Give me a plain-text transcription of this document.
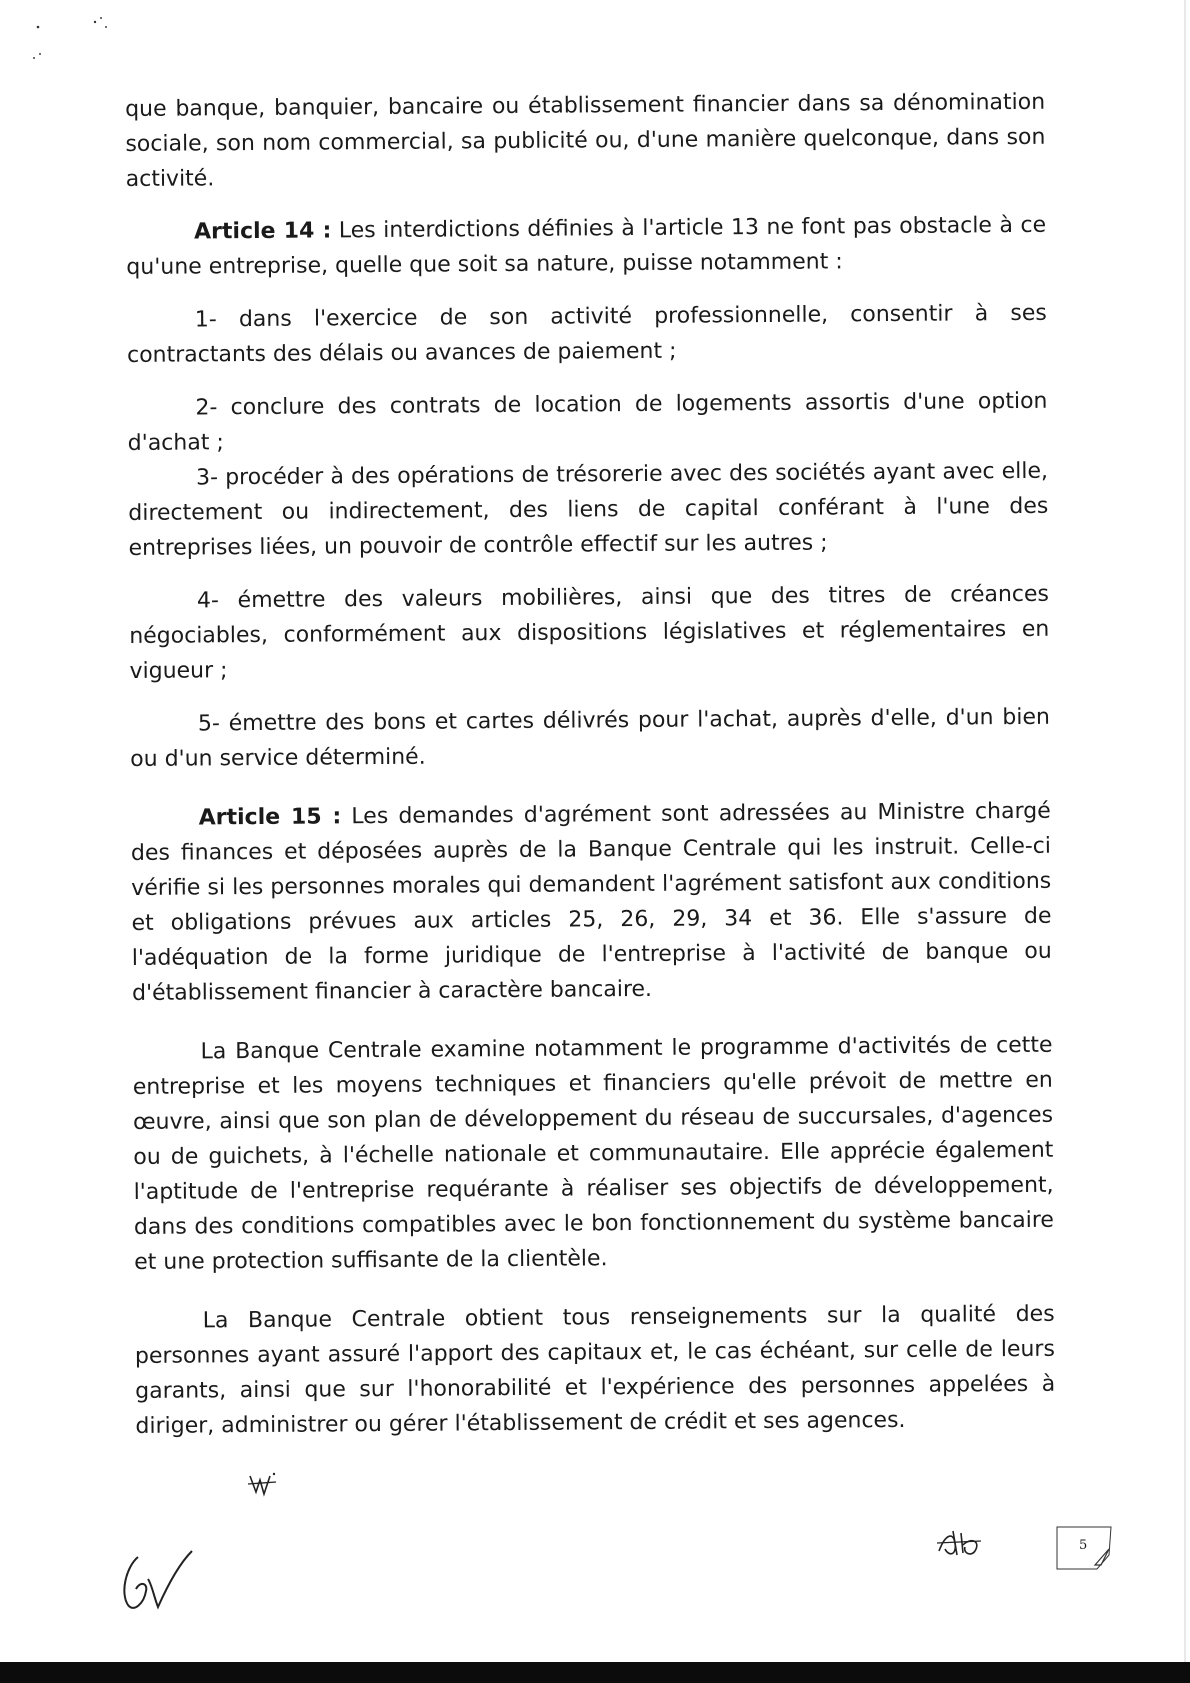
que banque, banquier, bancaire ou établissement financier dans sa dénomination sociale, son nom commercial, sa publicité ou, d'une manière quelconque, dans son activité.

Article 14 : Les interdictions définies à l'article 13 ne font pas obstacle à ce qu'une entreprise, quelle que soit sa nature, puisse notamment :

1- dans l'exercice de son activité professionnelle, consentir à ses contractants des délais ou avances de paiement ;

2- conclure des contrats de location de logements assortis d'une option d'achat ;

3- procéder à des opérations de trésorerie avec des sociétés ayant avec elle, directement ou indirectement, des liens de capital conférant à l'une des entreprises liées, un pouvoir de contrôle effectif sur les autres ;

4- émettre des valeurs mobilières, ainsi que des titres de créances négociables, conformément aux dispositions législatives et réglementaires en vigueur ;

5- émettre des bons et cartes délivrés pour l'achat, auprès d'elle, d'un bien ou d'un service déterminé.

Article 15 : Les demandes d'agrément sont adressées au Ministre chargé des finances et déposées auprès de la Banque Centrale qui les instruit. Celle-ci vérifie si les personnes morales qui demandent l'agrément satisfont aux conditions et obligations prévues aux articles 25, 26, 29, 34 et 36. Elle s'assure de l'adéquation de la forme juridique de l'entreprise à l'activité de banque ou d'établissement financier à caractère bancaire.

La Banque Centrale examine notamment le programme d'activités de cette entreprise et les moyens techniques et financiers qu'elle prévoit de mettre en œuvre, ainsi que son plan de développement du réseau de succursales, d'agences ou de guichets, à l'échelle nationale et communautaire. Elle apprécie également l'aptitude de l'entreprise requérante à réaliser ses objectifs de développement, dans des conditions compatibles avec le bon fonctionnement du système bancaire et une protection suffisante de la clientèle.

La Banque Centrale obtient tous renseignements sur la qualité des personnes ayant assuré l'apport des capitaux et, le cas échéant, sur celle de leurs garants, ainsi que sur l'honorabilité et l'expérience des personnes appelées à diriger, administrer ou gérer l'établissement de crédit et ses agences.

5
